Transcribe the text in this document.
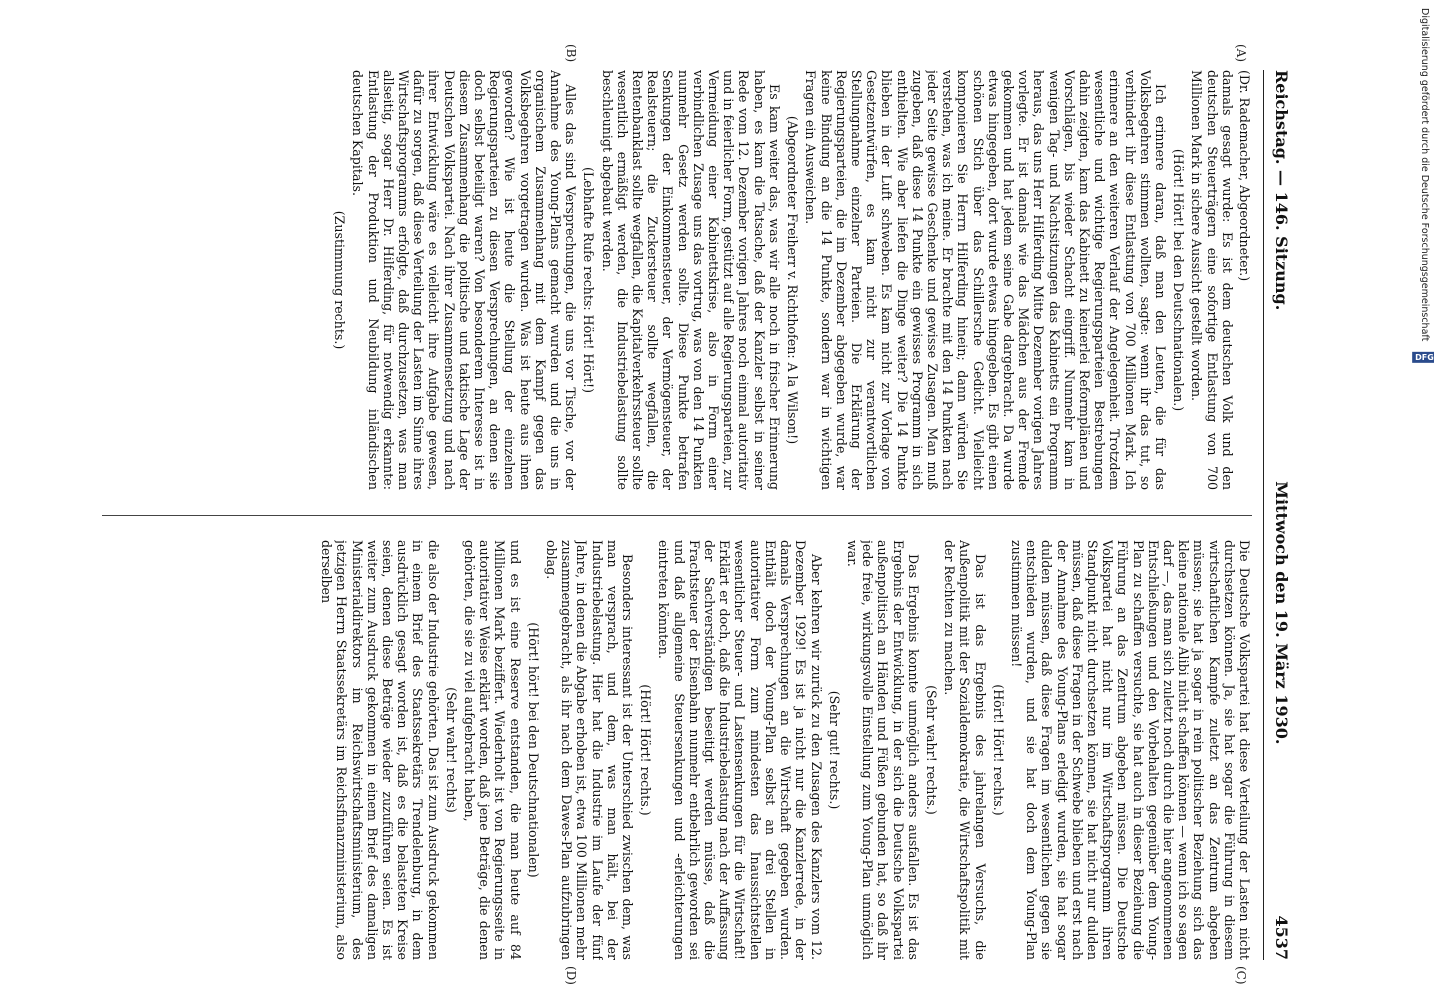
Reichstag. — 146. Sitzung.
Mittwoch den 19. März 1930.
4537

(Dr. Rademacher, Abgeordneter.)

damals gesagt wurde: Es ist dem deutschen Volk und den deutschen Steuerträgern eine sofortige Entlastung von 700 Millionen Mark in sichere Aussicht gestellt worden.

(Hört! Hört! bei den Deutschnationalen.)

Ich erinnere daran, daß man den Leuten, die für das Volksbegehren stimmen wollten, sagte: wenn ihr das tut, so verhindert ihr diese Entlastung von 700 Millionen Mark. Ich erinnere an den weiteren Verlauf der Angelegenheit. Trotzdem wesentliche und wichtige Regierungsparteien Bestrebungen dahin zeigten, kam das Kabinett zu keinerlei Reformplänen und Vorschlägen, bis wieder Schacht eingriff. Nunmehr kam in wenigen Tag- und Nachtsitzungen das Kabinetts ein Programm heraus, das uns Herr Hilferding Mitte Dezember vorigen Jahres vorlegte. Er ist damals wie das Mädchen aus der Fremde gekommen und hat jedem seine Gabe dargebracht. Da wurde etwas hingegeben, dort wurde etwas hingegeben. Es gibt einen schönen Stich über das Schillersche Gedicht. Vielleicht komponieren Sie Herrn Hilferding hinein; dann würden Sie verstehen, was ich meine. Er brachte mit den 14 Punkten nach jeder Seite gewisse Geschenke und gewisse Zusagen. Man muß zugeben, daß diese 14 Punkte ein gewisses Programm in sich enthielten. Wie aber liefen die Dinge weiter? Die 14 Punkte blieben in der Luft schweben. Es kam nicht zur Vorlage von Gesetzentwürfen, es kam nicht zur verantwortlichen Stellungnahme einzelner Parteien. Die Erklärung der Regierungsparteien, die im Dezember abgegeben wurde, war keine Bindung an die 14 Punkte, sondern war in wichtigen Fragen ein Ausweichen.

(Abgeordneter Freiherr v. Richthofen: A la Wilson!)

Es kam weiter das, was wir alle noch in frischer Erinnerung haben, es kam die Tatsache, daß der Kanzler selbst in seiner Rede vom 12. Dezember vorigen Jahres noch einmal autoritativ und in feierlicher Form, gestützt auf alle Regierungsparteien, zur Vermeidung einer Kabinettskrise, also in Form einer verbindlichen Zusage uns das vortrug, was von den 14 Punkten nunmehr Gesetz werden sollte. Diese Punkte betrafen Senkungen der Einkommensteuer, der Vermögensteuer, der Realsteuern; die Zuckersteuer sollte wegfallen, die Rentenbanklast sollte wegfallen, die Kapitalverkehrssteuer sollte wesentlich ermäßigt werden, die Industriebelastung sollte beschleunigt abgebaut werden.

(Lebhafte Rufe rechts: Hört! Hört!)

Alles das sind Versprechungen, die uns vor Tische, vor der Annahme des Young-Plans gemacht wurden und die uns in organischem Zusammenhang mit dem Kampf gegen das Volksbegehren vorgetragen wurden. Was ist heute aus ihnen geworden? Wie ist heute die Stellung der einzelnen Regierungsparteien zu diesen Versprechungen, an denen sie doch selbst beteiligt waren? Von besonderem Interesse ist in diesem Zusammenhang die politische und taktische Lage der Deutschen Volkspartei. Nach ihrer Zusammensetzung und nach ihrer Entwicklung wäre es vielleicht ihre Aufgabe gewesen, dafür zu sorgen, daß diese Verteilung der Lasten im Sinne ihres Wirtschaftsprogramms erfolgte, daß durchzusetzen, was man allseitig, sogar Herr Dr. Hilferding, für notwendig erkannte: Entlastung der Produktion und Neubildung inländischen deutschen Kapitals.

(Zustimmung rechts.)

Die Deutsche Volkspartei hat diese Verteilung der Lasten nicht durchsetzen können. Ja, sie hat sogar die Führung in diesem wirtschaftlichen Kampfe zuletzt an das Zentrum abgeben müssen; sie hat ja sogar in rein politischer Beziehung sich das kleine nationale Alibi nicht schaffen können — wenn ich so sagen darf —, das man sich zuletzt noch durch die hier angenommenen Entschließungen und den Vorbehalten gegenüber dem Young-Plan zu schaffen versuchte, sie hat auch in dieser Beziehung die Führung an das Zentrum abgeben müssen. Die Deutsche Volkspartei hat nicht nur im Wirtschaftsprogramm ihren Standpunkt nicht durchsetzen können, sie hat nicht nur dulden müssen, daß diese Fragen in der Schwebe blieben und erst nach der Annahme des Young-Plans erledigt wurden, sie hat sogar dulden müssen, daß diese Fragen im wesentlichen gegen sie entschieden wurden, und sie hat doch dem Young-Plan zustimmen müssen!

(Hört! Hört! rechts.)

Das ist das Ergebnis des jahrelangen Versuchs, die Außenpolitik mit der Sozialdemokratie, die Wirtschaftspolitik mit der Rechten zu machen.

(Sehr wahr! rechts.)

Das Ergebnis konnte unmöglich anders ausfallen. Es ist das Ergebnis der Entwicklung, in der sich die Deutsche Volkspartei außenpolitisch an Händen und Füßen gebunden hat, so daß ihr jede freie, wirkungsvolle Einstellung zum Young-Plan unmöglich war.

(Sehr gut! rechts.)

Aber kehren wir zurück zu den Zusagen des Kanzlers vom 12. Dezember 1929! Es ist ja nicht nur die Kanzlerrede, in der damals Versprechungen an die Wirtschaft gegeben wurden. Enthält doch der Young-Plan selbst an drei Stellen in autoritativer Form zum mindesten das Inaussichtstellen wesentlicher Steuer- und Lastensenkungen für die Wirtschaft! Erklärt er doch, daß die Industriebelastung nach der Auffassung der Sachverständigen beseitigt werden müsse, daß die Frachtsteuer der Eisenbahn nunmehr entbehrlich geworden sei und daß allgemeine Steuersenkungen und -erleichterungen eintreten könnten.

(Hört! Hört! rechts.)

Besonders interessant ist der Unterschied zwischen dem, was man versprach, und dem, was man hält, bei der Industriebelastung. Hier hat die Industrie im Laufe der fünf Jahre, in denen die Abgabe erhoben ist, etwa 100 Millionen mehr zusammengebracht, als ihr nach dem Dawes-Plan aufzubringen oblag.

(Hört! hört! bei den Deutschnationalen)

und es ist eine Reserve entstanden, die man heute auf 84 Millionen Mark beziffert. Wiederholt ist von Regierungsseite in autoritativer Weise erklärt worden, daß jene Beträge, die denen gehörten, die sie zu viel aufgebracht haben,

(Sehr wahr! rechts)

die also der Industrie gehörten. Das ist zum Ausdruck gekommen in einem Brief des Staatssekretärs Trendelenburg, in dem ausdrücklich gesagt worden ist, daß es die belasteten Kreise seien, denen diese Beträge wieder zuzuführen seien. Es ist weiter zum Ausdruck gekommen in einem Brief des damaligen Ministerialdirektors im Reichswirtschaftsministerium, des jetzigen Herrn Staatssekretärs im Reichsfinanzministerium, also derselben

(A)
(B)
(C)
(D)
Digitalisierung gefördert durch die Deutsche Forschungsgemeinschaft
DFG
